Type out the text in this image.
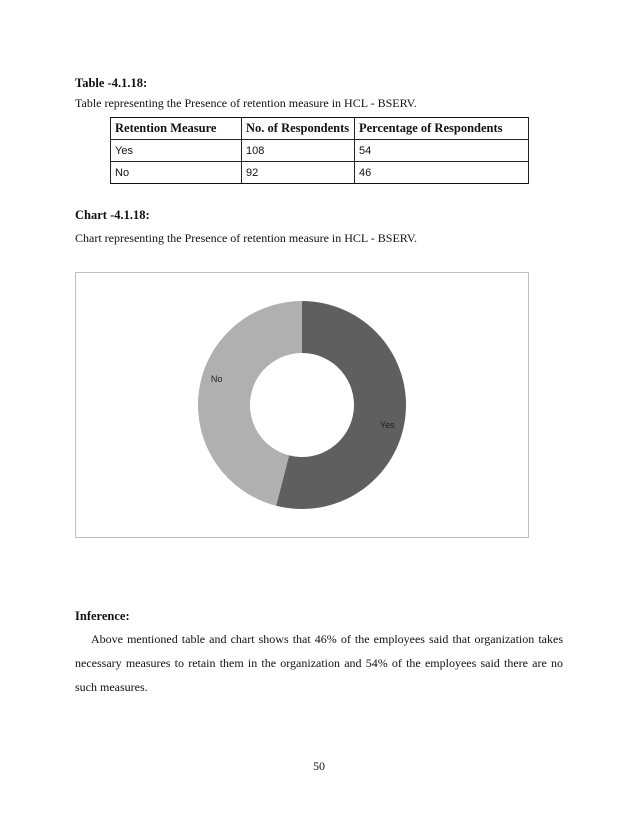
Table -4.1.18:
Table representing the Presence of retention measure in HCL - BSERV.
Retention Measure	No. of Respondents	Percentage of Respondents
Yes	108	54
No	92	46
Chart -4.1.18:
Chart representing the Presence of retention measure in HCL - BSERV.
Yes
No
Inference:
Above mentioned table and chart shows that 46% of the employees said that organization takes necessary measures to retain them in the organization and 54% of the employees said there are no such measures.
50
